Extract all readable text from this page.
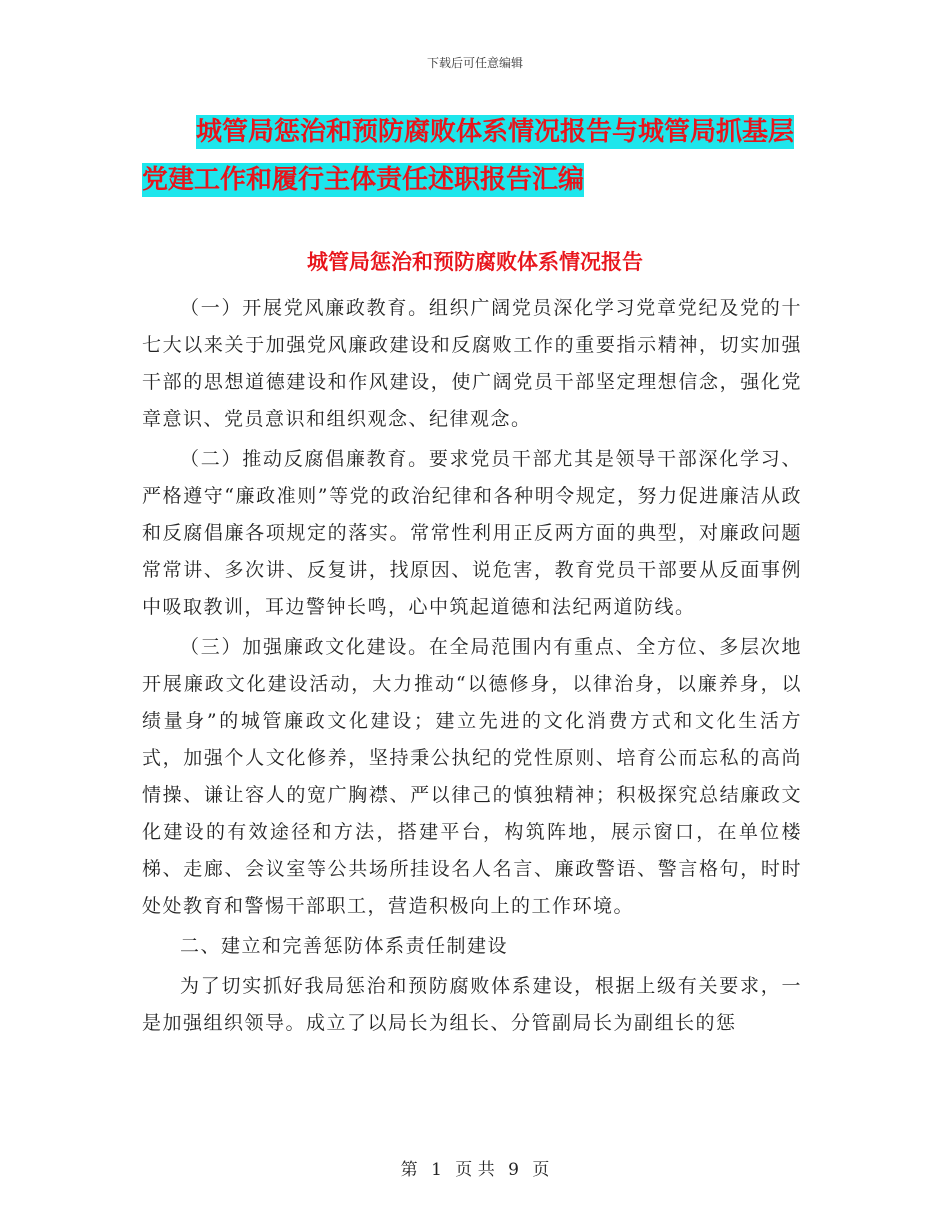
下载后可任意编辑
城管局惩治和预防腐败体系情况报告与城管局抓基层
党建工作和履行主体责任述职报告汇编
城管局惩治和预防腐败体系情况报告

（一）开展党风廉政教育。组织广阔党员深化学习党章党纪及党的十七大以来关于加强党风廉政建设和反腐败工作的重要指示精神，切实加强干部的思想道德建设和作风建设，使广阔党员干部坚定理想信念，强化党章意识、党员意识和组织观念、纪律观念。

（二）推动反腐倡廉教育。要求党员干部尤其是领导干部深化学习、严格遵守“廉政准则”等党的政治纪律和各种明令规定，努力促进廉洁从政和反腐倡廉各项规定的落实。常常性利用正反两方面的典型，对廉政问题常常讲、多次讲、反复讲，找原因、说危害，教育党员干部要从反面事例中吸取教训，耳边警钟长鸣，心中筑起道德和法纪两道防线。

（三）加强廉政文化建设。在全局范围内有重点、全方位、多层次地开展廉政文化建设活动，大力推动“以德修身，以律治身，以廉养身，以绩量身”的城管廉政文化建设；建立先进的文化消费方式和文化生活方式，加强个人文化修养，坚持秉公执纪的党性原则、培育公而忘私的高尚情操、谦让容人的宽广胸襟、严以律己的慎独精神；积极探究总结廉政文化建设的有效途径和方法，搭建平台，构筑阵地，展示窗口，在单位楼梯、走廊、会议室等公共场所挂设名人名言、廉政警语、警言格句，时时处处教育和警惕干部职工，营造积极向上的工作环境。

二、建立和完善惩防体系责任制建设

为了切实抓好我局惩治和预防腐败体系建设，根据上级有关要求，一是加强组织领导。成立了以局长为组长、分管副局长为副组长的惩

第 1 页 共 9 页
